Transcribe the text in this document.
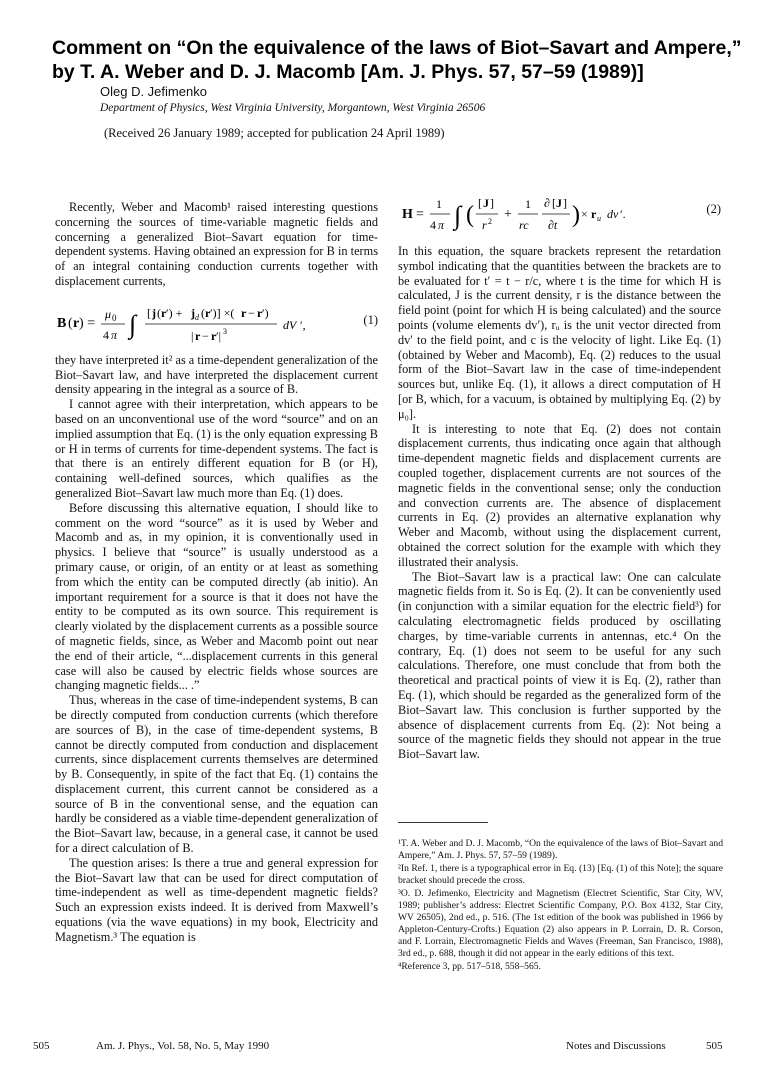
Comment on “On the equivalence of the laws of Biot–Savart and Ampere,” by T. A. Weber and D. J. Macomb [Am. J. Phys. 57, 57–59 (1989)]
Oleg D. Jefimenko
Department of Physics, West Virginia University, Morgantown, West Virginia 26506
(Received 26 January 1989; accepted for publication 24 April 1989)

Recently, Weber and Macomb¹ raised interesting questions concerning the sources of time-variable magnetic fields and concerning a generalized Biot–Savart equation for time-dependent systems. Having obtained an expression for B in terms of an integral containing conduction currents together with displacement currents,

B ( r ) =
μ 0
4 π ∫ [ j ( r ′) + j d ( r ′)] ×( r − r ′)
| r − r ′| 3	dV ′,	(1)

they have interpreted it² as a time-dependent generalization of the Biot–Savart law, and have interpreted the displacement current density appearing in the integral as a source of B.

I cannot agree with their interpretation, which appears to be based on an unconventional use of the word “source” and on an implied assumption that Eq. (1) is the only equation expressing B or H in terms of currents for time-dependent systems. The fact is that there is an entirely different equation for B (or H), containing well-defined sources, which qualifies as the generalized Biot–Savart law much more than Eq. (1) does.

Before discussing this alternative equation, I should like to comment on the word “source” as it is used by Weber and Macomb and as, in my opinion, it is conventionally used in physics. I believe that “source” is usually understood as a primary cause, or origin, of an entity or at least as something from which the entity can be computed directly (ab initio). An important requirement for a source is that it does not have the entity to be computed as its own source. This requirement is clearly violated by the displacement currents as a possible source of magnetic fields, since, as Weber and Macomb point out near the end of their article, “...displacement currents in this general case will also be caused by electric fields whose sources are changing magnetic fields... .”

Thus, whereas in the case of time-independent systems, B can be directly computed from conduction currents (which therefore are sources of B), in the case of time-dependent systems, B cannot be directly computed from conduction and displacement currents, since displacement currents themselves are determined by B. Consequently, in spite of the fact that Eq. (1) contains the displacement current, this current cannot be considered as a source of B in the conventional sense, and the equation can hardly be considered as a viable time-dependent generalization of the Biot–Savart law, because, in a general case, it cannot be used for a direct calculation of B.

The question arises: Is there a true and general expression for the Biot–Savart law that can be used for direct computation of time-independent as well as time-dependent magnetic fields? Such an expression exists indeed. It is derived from Maxwell’s equations (via the wave equations) in my book, Electricity and Magnetism.³ The equation is

H =
1
4 π ∫ ( [ J ]
r 2 +
1
rc
∂ [ J ]
∂t ) × r u dv ′.	(2)

In this equation, the square brackets represent the retardation symbol indicating that the quantities between the brackets are to be evaluated for t′ = t − r/c, where t is the time for which H is calculated, J is the current density, r is the distance between the field point (point for which H is being calculated) and the source points (volume elements dv′), rᵤ is the unit vector directed from dv′ to the field point, and c is the velocity of light. Like Eq. (1) (obtained by Weber and Macomb), Eq. (2) reduces to the usual form of the Biot–Savart law in the case of time-independent sources but, unlike Eq. (1), it allows a direct computation of H [or B, which, for a vacuum, is obtained by multiplying Eq. (2) by μ₀].

It is interesting to note that Eq. (2) does not contain displacement currents, thus indicating once again that although time-dependent magnetic fields and displacement currents are coupled together, displacement currents are not sources of the magnetic fields in the conventional sense; only the conduction and convection currents are. The absence of displacement currents in Eq. (2) provides an alternative explanation why Weber and Macomb, without using the displacement current, obtained the correct solution for the example with which they illustrated their analysis.

The Biot–Savart law is a practical law: One can calculate magnetic fields from it. So is Eq. (2). It can be conveniently used (in conjunction with a similar equation for the electric field³) for calculating electromagnetic fields produced by oscillating charges, by time-variable currents in antennas, etc.⁴ On the contrary, Eq. (1) does not seem to be useful for any such calculations. Therefore, one must conclude that from both the theoretical and practical points of view it is Eq. (2), rather than Eq. (1), which should be regarded as the generalized form of the Biot–Savart law. This conclusion is further supported by the absence of displacement currents from Eq. (2): Not being a source of the magnetic fields they should not appear in the true Biot–Savart law.

¹T. A. Weber and D. J. Macomb, “On the equivalence of the laws of Biot–Savart and Ampere,” Am. J. Phys. 57, 57–59 (1989).
²In Ref. 1, there is a typographical error in Eq. (13) [Eq. (1) of this Note]; the square bracket should precede the cross.
³O. D. Jefimenko, Electricity and Magnetism (Electret Scientific, Star City, WV, 1989; publisher’s address: Electret Scientific Company, P.O. Box 4132, Star City, WV 26505), 2nd ed., p. 516. (The 1st edition of the book was published in 1966 by Appleton-Century-Crofts.) Equation (2) also appears in P. Lorrain, D. R. Corson, and F. Lorrain, Electromagnetic Fields and Waves (Freeman, San Francisco, 1988), 3rd ed., p. 688, though it did not appear in the early editions of this text.
⁴Reference 3, pp. 517–518, 558–565.
505	Am. J. Phys., Vol. 58, No. 5, May 1990	Notes and Discussions	505
